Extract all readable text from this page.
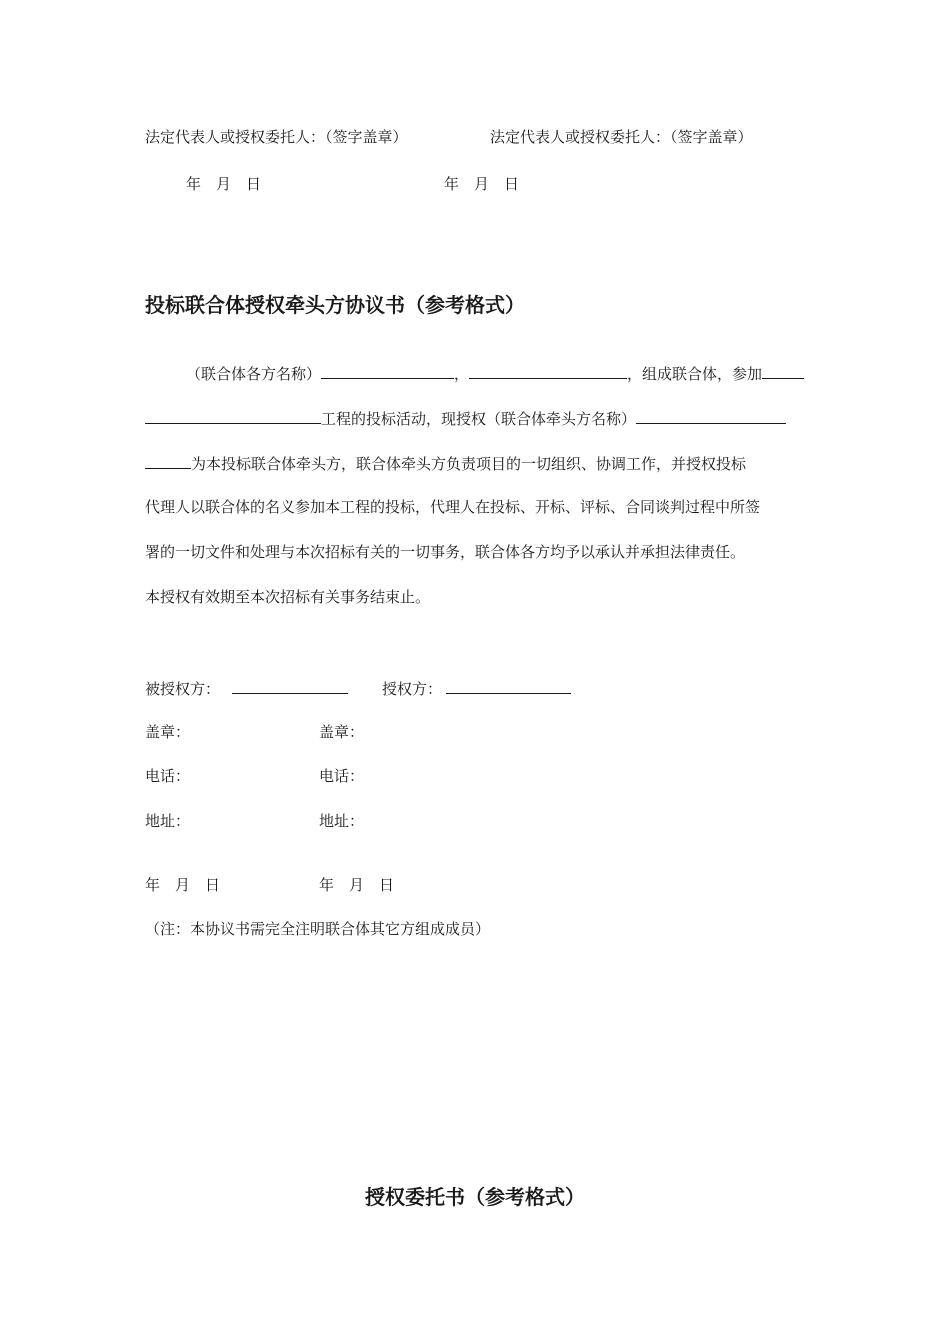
法定代表人或授权委托人：（签字盖章）	法定代表人或授权委托人：（签字盖章）
年　月　日	年　月　日
投标联合体授权牵头方协议书（参考格式）
（联合体各方名称）	，	，组成联合体，参加
工程的投标活动，现授权（联合体牵头方名称）
为本投标联合体牵头方，联合体牵头方负责项目的一切组织、协调工作，并授权投标
代理人以联合体的名义参加本工程的投标，代理人在投标、开标、评标、合同谈判过程中所签
署的一切文件和处理与本次招标有关的一切事务，联合体各方均予以承认并承担法律责任。
本授权有效期至本次招标有关事务结束止。
被授权方：	授权方：
盖章：	盖章：
电话：	电话：
地址：	地址：
年　月　日	年　月　日
（注：本协议书需完全注明联合体其它方组成成员）
授权委托书（参考格式）
